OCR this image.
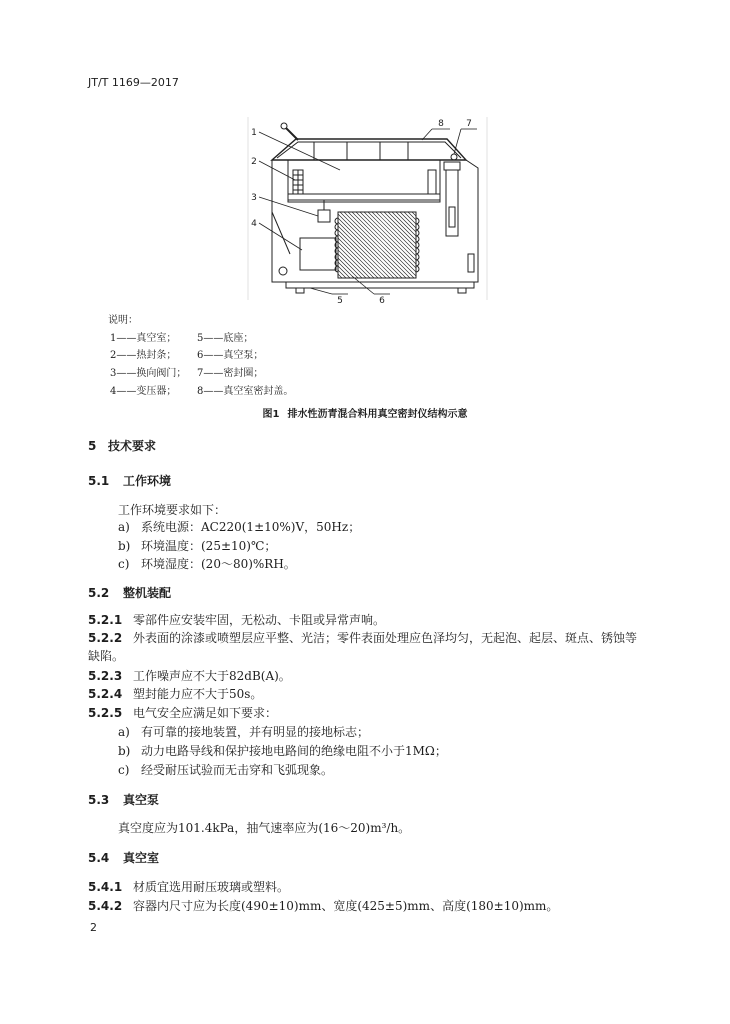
JT/T 1169—2017
1
2
3
4
5	6
7
8
说明：
1——真空室；
2——热封条；
3——换向阀门；
4——变压器；
5——底座；
6——真空泵；
7——密封圈；
8——真空室密封盖。
图1 排水性沥青混合料用真空密封仪结构示意
5 技术要求
5.1 工作环境
工作环境要求如下：
a) 系统电源：AC220(1±10%)V，50Hz；
b) 环境温度：(25±10)℃；
c) 环境湿度：(20～80)%RH。
5.2 整机装配
5.2.1 零部件应安装牢固，无松动、卡阻或异常声响。
5.2.2 外表面的涂漆或喷塑层应平整、光洁；零件表面处理应色泽均匀，无起泡、起层、斑点、锈蚀等缺陷。
5.2.3 工作噪声应不大于82dB(A)。
5.2.4 塑封能力应不大于50s。
5.2.5 电气安全应满足如下要求：
a) 有可靠的接地装置，并有明显的接地标志；
b) 动力电路导线和保护接地电路间的绝缘电阻不小于1MΩ；
c) 经受耐压试验而无击穿和飞弧现象。
5.3 真空泵
真空度应为101.4kPa，抽气速率应为(16～20)m³/h。
5.4 真空室
5.4.1 材质宜选用耐压玻璃或塑料。
5.4.2 容器内尺寸应为长度(490±10)mm、宽度(425±5)mm、高度(180±10)mm。
2
